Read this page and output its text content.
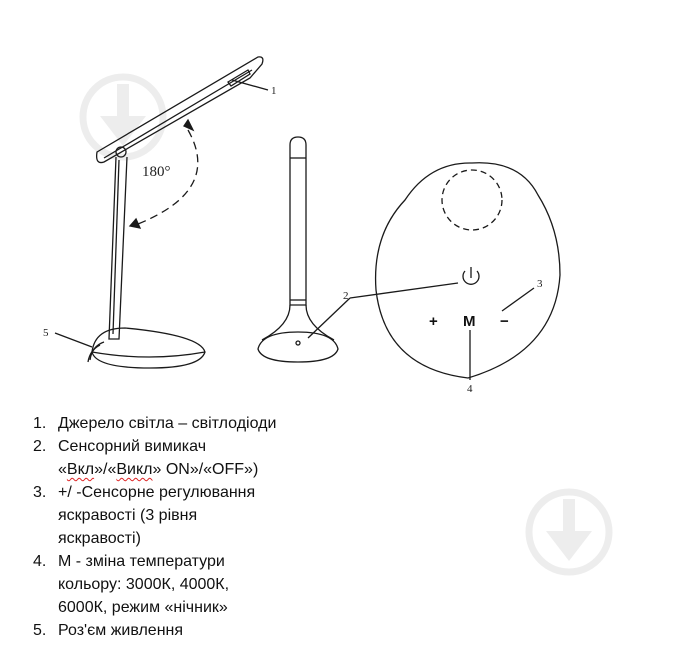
180°
+ M −
1
2
3
4
5
1. Джерело світла – світлодіоди
2. Сенсорний вимикач
«Вкл»/«Викл» ON»/«OFF»)
3. +/ -Сенсорне регулювання
яскравості (3 рівня
яскравості)
4. M - зміна температури
кольору: 3000К, 4000К,
6000К, режим «нічник»
5. Роз'єм живлення
